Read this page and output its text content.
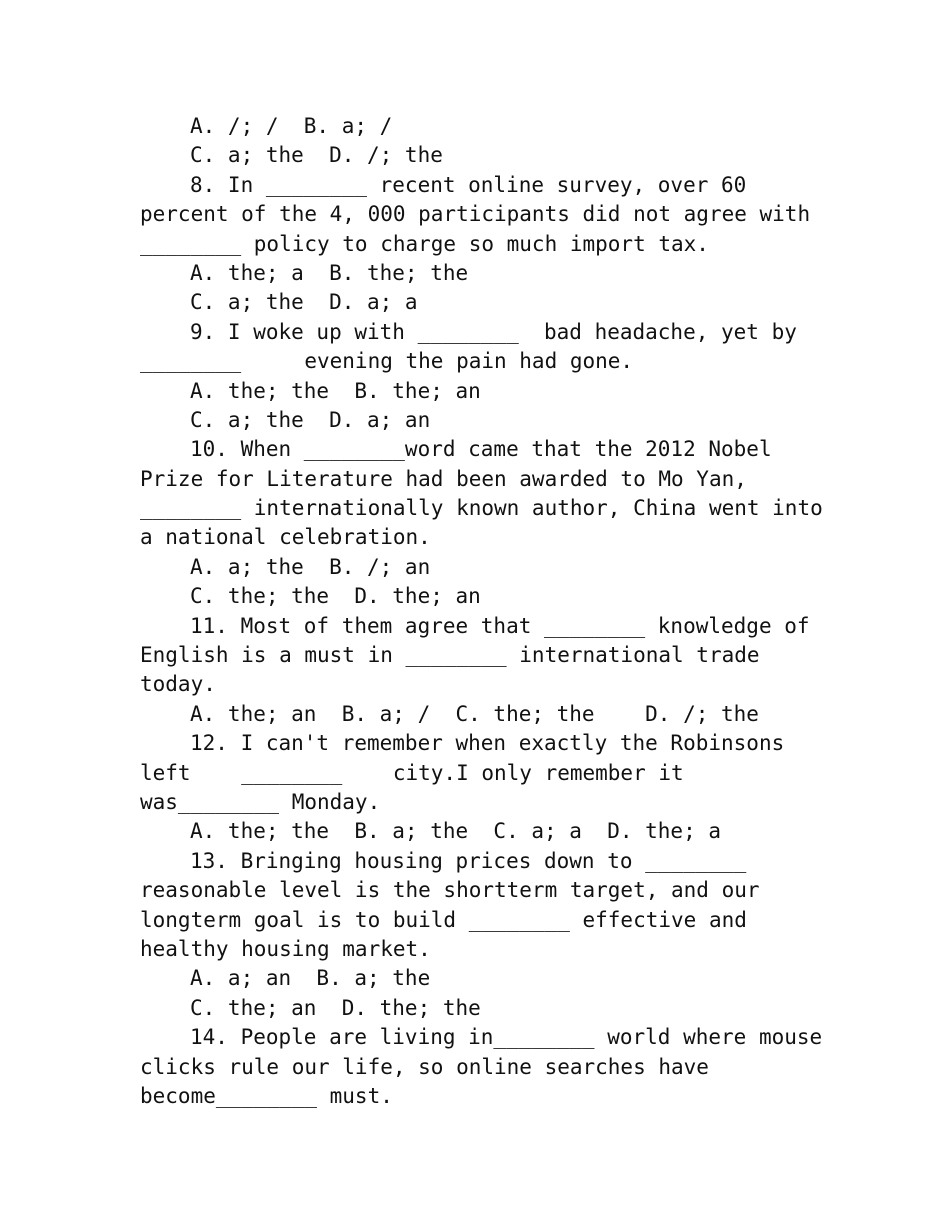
A. /; /  B. a; /
C. a; the  D. /; the
8. In ________ recent online survey, over 60
percent of the 4, 000 participants did not agree with
________ policy to charge so much import tax.
A. the; a  B. the; the
C. a; the  D. a; a
9. I woke up with ________  bad headache, yet by
________     evening the pain had gone.
A. the; the  B. the; an
C. a; the  D. a; an
10. When ________word came that the 2012 Nobel
Prize for Literature had been awarded to Mo Yan,
________ internationally known author, China went into
a national celebration.
A. a; the  B. /; an
C. the; the  D. the; an
11. Most of them agree that ________ knowledge of
English is a must in ________ international trade
today.
A. the; an  B. a; /  C. the; the    D. /; the
12. I can't remember when exactly the Robinsons
left    ________    city.I only remember it
was________ Monday.
A. the; the  B. a; the  C. a; a  D. the; a
13. Bringing housing prices down to ________
reasonable level is the shortterm target, and our
longterm goal is to build ________ effective and
healthy housing market.
A. a; an  B. a; the
C. the; an  D. the; the
14. People are living in________ world where mouse
clicks rule our life, so online searches have
become________ must.
